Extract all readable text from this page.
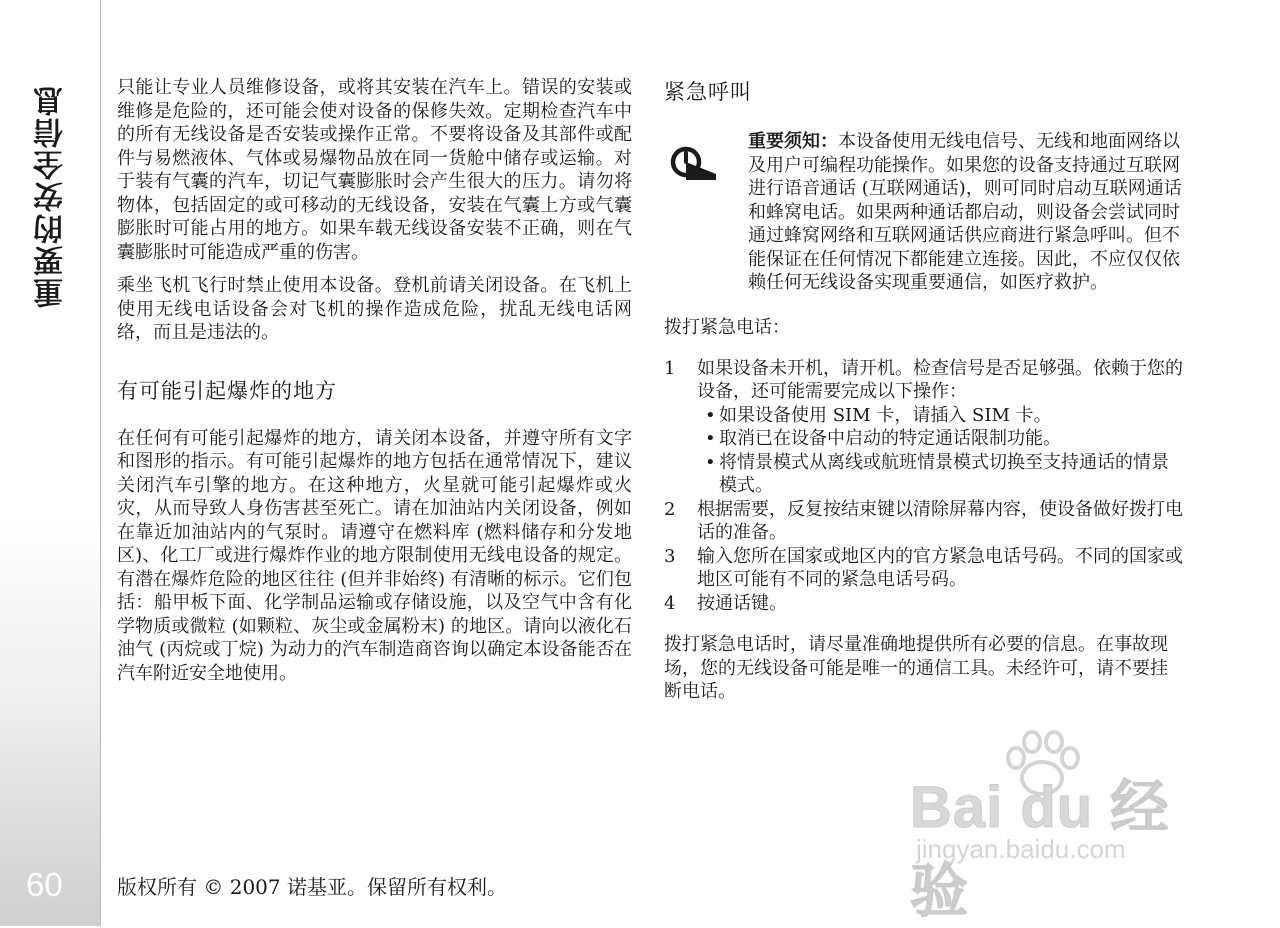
重要的安全信息
60

只能让专业人员维修设备，或将其安装在汽车上。错误的安装或维修是危险的，还可能会使对设备的保修失效。定期检查汽车中的所有无线设备是否安装或操作正常。不要将设备及其部件或配件与易燃液体、气体或易爆物品放在同一货舱中储存或运输。对于装有气囊的汽车，切记气囊膨胀时会产生很大的压力。请勿将物体，包括固定的或可移动的无线设备，安装在气囊上方或气囊膨胀时可能占用的地方。如果车载无线设备安装不正确，则在气囊膨胀时可能造成严重的伤害。

乘坐飞机飞行时禁止使用本设备。登机前请关闭设备。在飞机上使用无线电话设备会对飞机的操作造成危险，扰乱无线电话网络，而且是违法的。

有可能引起爆炸的地方

在任何有可能引起爆炸的地方，请关闭本设备，并遵守所有文字和图形的指示。有可能引起爆炸的地方包括在通常情况下，建议关闭汽车引擎的地方。在这种地方，火星就可能引起爆炸或火灾，从而导致人身伤害甚至死亡。请在加油站内关闭设备，例如在靠近加油站内的气泵时。请遵守在燃料库 (燃料储存和分发地区)、化工厂或进行爆炸作业的地方限制使用无线电设备的规定。有潜在爆炸危险的地区往往 (但并非始终) 有清晰的标示。它们包括：船甲板下面、化学制品运输或存储设施，以及空气中含有化学物质或微粒 (如颗粒、灰尘或金属粉末) 的地区。请向以液化石油气 (丙烷或丁烷) 为动力的汽车制造商咨询以确定本设备能否在汽车附近安全地使用。

紧急呼叫

重要须知：本设备使用无线电信号、无线和地面网络以及用户可编程功能操作。如果您的设备支持通过互联网进行语音通话 (互联网通话)，则可同时启动互联网通话和蜂窝电话。如果两种通话都启动，则设备会尝试同时通过蜂窝网络和互联网通话供应商进行紧急呼叫。但不能保证在任何情况下都能建立连接。因此，不应仅仅依赖任何无线设备实现重要通信，如医疗救护。

拨打紧急电话：
1 如果设备未开机，请开机。检查信号是否足够强。依赖于您的设备，还可能需要完成以下操作：
• 如果设备使用 SIM 卡，请插入 SIM 卡。
• 取消已在设备中启动的特定通话限制功能。
• 将情景模式从离线或航班情景模式切换至支持通话的情景模式。
2 根据需要，反复按结束键以清除屏幕内容，使设备做好拨打电话的准备。
3 输入您所在国家或地区内的官方紧急电话号码。不同的国家或地区可能有不同的紧急电话号码。
4 按通话键。

拨打紧急电话时，请尽量准确地提供所有必要的信息。在事故现场，您的无线设备可能是唯一的通信工具。未经许可，请不要挂断电话。

版权所有 © 2007 诺基亚。保留所有权利。
Bai du 经验
jingyan.baidu.com
